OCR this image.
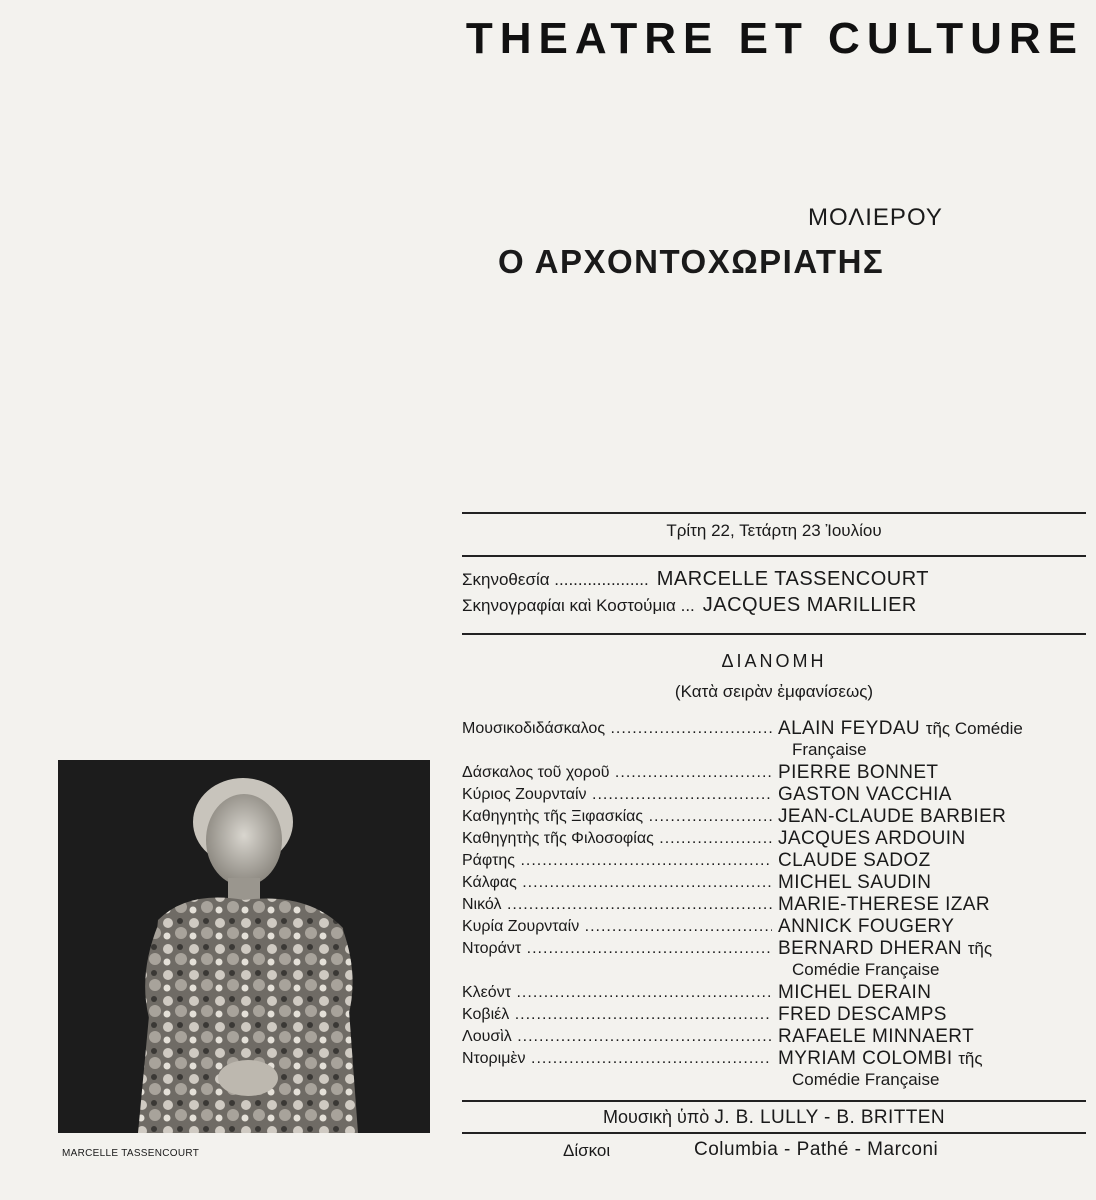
THEATRE ET CULTURE
ΜΟΛΙΕΡΟΥ
Ο ΑΡΧΟΝΤΟΧΩΡΙΑΤΗΣ
Τρίτη 22, Τετάρτη 23 Ἰουλίου
Σκηνοθεσία .................... MARCELLE TASSENCOURT
Σκηνογραφίαι καὶ Κοστούμια ... JACQUES MARILLIER
ΔΙΑΝΟΜΗ
(Κατὰ σειρὰν ἐμφανίσεως)
Μουσικοδιδάσκαλος .....	ALAIN FEYDAU τῆς Comédie
Française
Δάσκαλος τοῦ χοροῦ .....	PIERRE BONNET
Κύριος Ζουρνταίν .....	GASTON VACCHIA
Καθηγητὴς τῆς Ξιφασκίας .....	JEAN-CLAUDE BARBIER
Καθηγητὴς τῆς Φιλοσοφίας .....	JACQUES ARDOUIN
Ράφτης .....	CLAUDE SADOZ
Κάλφας .....	MICHEL SAUDIN
Νικόλ .....	MARIE-THERESE IZAR
Κυρία Ζουρνταίν .....	ANNICK FOUGERY
Ντοράντ .....	BERNARD DHERAN τῆς
Comédie Française
Κλεόντ .....	MICHEL DERAIN
Κοβιέλ .....	FRED DESCAMPS
Λουσὶλ .....	RAFAELE MINNAERT
Ντοριμὲν .....	MYRIAM COLOMBI τῆς
Comédie Française
Μουσικὴ ὑπὸ J. B. LULLY - B. BRITTEN
Δίσκοι	Columbia - Pathé - Marconi
MARCELLE TASSENCOURT
